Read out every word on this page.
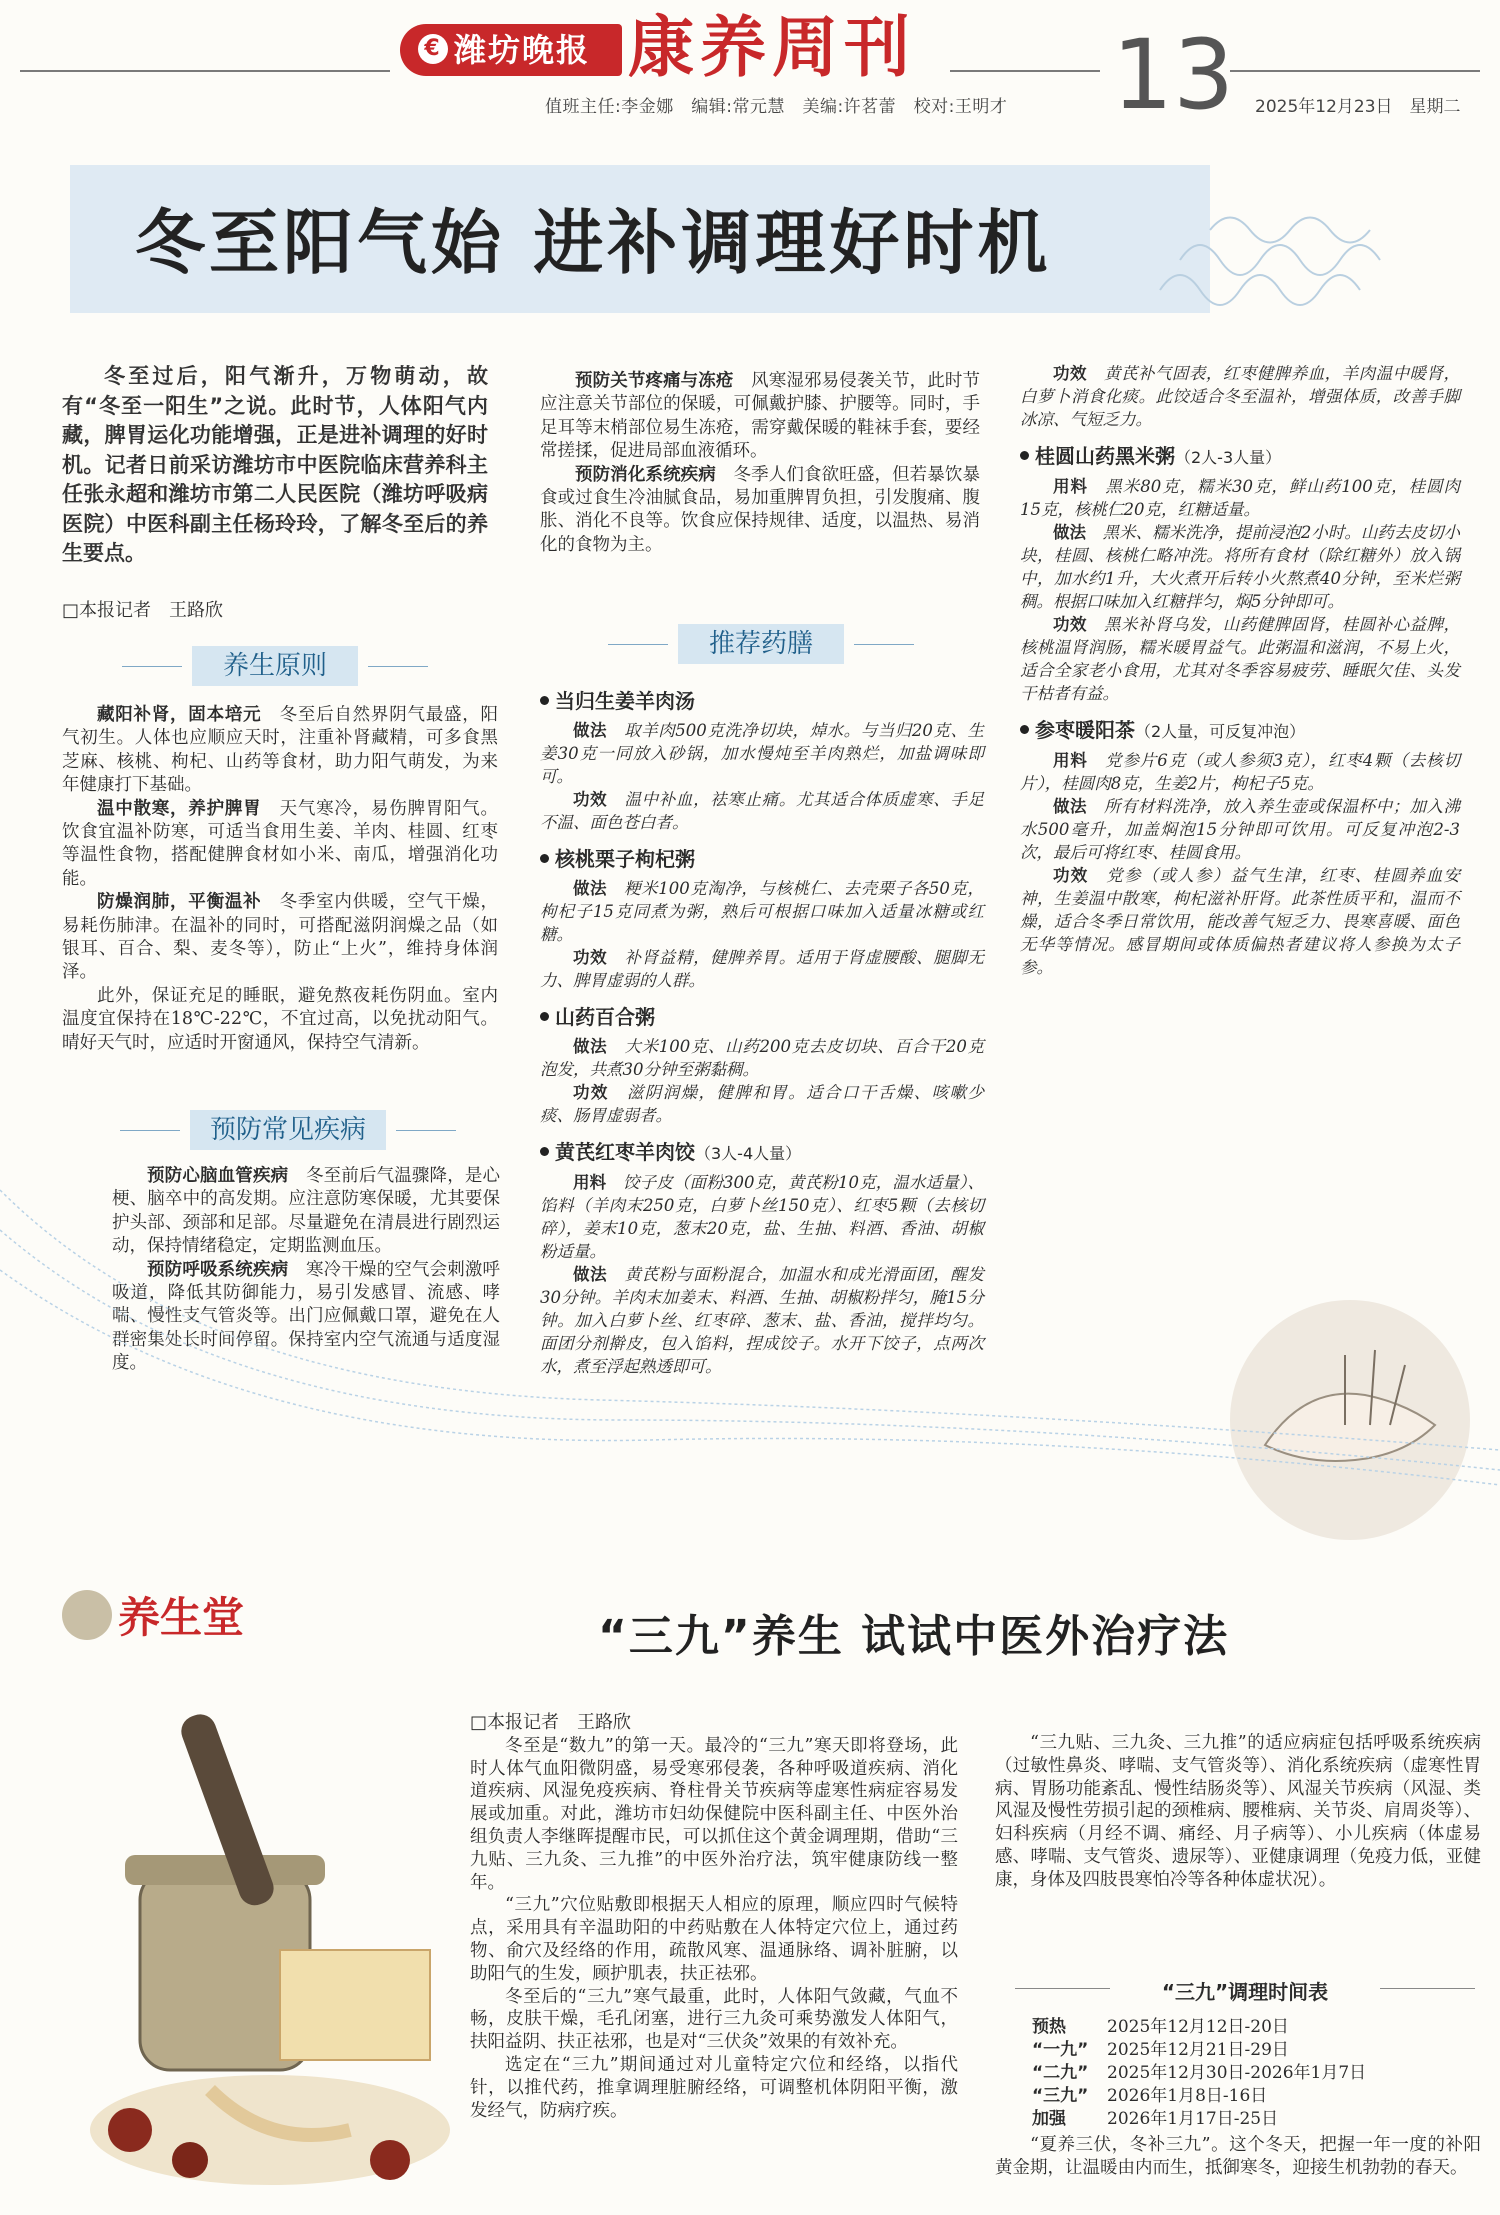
€ 潍坊晚报 康养周刊
值班主任:李金娜　编辑:常元慧　美编:许茗蕾　校对:王明才 13 2025年12月23日　星期二
冬至阳气始 进补调理好时机

冬至过后，阳气渐升，万物萌动，故有“冬至一阳生”之说。此时节，人体阳气内藏，脾胃运化功能增强，正是进补调理的好时机。记者日前采访潍坊市中医院临床营养科主任张永超和潍坊市第二人民医院（潍坊呼吸病医院）中医科副主任杨玲玲，了解冬至后的养生要点。

□本报记者　王路欣

养生原则

藏阳补肾，固本培元　 冬至后自然界阴气最盛，阳气初生。人体也应顺应天时，注重补肾藏精，可多食黑芝麻、核桃、枸杞、山药等食材，助力阳气萌发，为来年健康打下基础。

温中散寒，养护脾胃　 天气寒冷，易伤脾胃阳气。饮食宜温补防寒，可适当食用生姜、羊肉、桂圆、红枣等温性食物，搭配健脾食材如小米、南瓜，增强消化功能。

防燥润肺，平衡温补　 冬季室内供暖，空气干燥，易耗伤肺津。在温补的同时，可搭配滋阴润燥之品（如银耳、百合、梨、麦冬等），防止“上火”，维持身体润泽。

此外，保证充足的睡眠，避免熬夜耗伤阴血。室内温度宜保持在18℃-22℃，不宜过高，以免扰动阳气。晴好天气时，应适时开窗通风，保持空气清新。

预防常见疾病

预防心脑血管疾病　 冬至前后气温骤降，是心梗、脑卒中的高发期。应注意防寒保暖，尤其要保护头部、颈部和足部。尽量避免在清晨进行剧烈运动，保持情绪稳定，定期监测血压。

预防呼吸系统疾病　 寒冷干燥的空气会刺激呼吸道，降低其防御能力，易引发感冒、流感、哮喘、慢性支气管炎等。出门应佩戴口罩，避免在人群密集处长时间停留。保持室内空气流通与适度湿度。

预防关节疼痛与冻疮　 风寒湿邪易侵袭关节，此时节应注意关节部位的保暖，可佩戴护膝、护腰等。同时，手足耳等末梢部位易生冻疮，需穿戴保暖的鞋袜手套，要经常搓揉，促进局部血液循环。

预防消化系统疾病　 冬季人们食欲旺盛，但若暴饮暴食或过食生冷油腻食品，易加重脾胃负担，引发腹痛、腹胀、消化不良等。饮食应保持规律、适度，以温热、易消化的食物为主。

推荐药膳
当归生姜羊肉汤

做法　 取羊肉500克洗净切块，焯水。与当归20克、生姜30克一同放入砂锅，加水慢炖至羊肉熟烂，加盐调味即可。

功效　 温中补血，祛寒止痛。尤其适合体质虚寒、手足不温、面色苍白者。

核桃栗子枸杞粥

做法　 粳米100克淘净，与核桃仁、去壳栗子各50克，枸杞子15克同煮为粥，熟后可根据口味加入适量冰糖或红糖。

功效　 补肾益精，健脾养胃。适用于肾虚腰酸、腿脚无力、脾胃虚弱的人群。

山药百合粥

做法　 大米100克、山药200克去皮切块、百合干20克泡发，共煮30分钟至粥黏稠。

功效　 滋阴润燥，健脾和胃。适合口干舌燥、咳嗽少痰、肠胃虚弱者。

黄芪红枣羊肉饺（3人-4人量）

用料　 饺子皮（面粉300克，黄芪粉10克，温水适量）、馅料（羊肉末250克，白萝卜丝150克）、红枣5颗（去核切碎），姜末10克，葱末20克，盐、生抽、料酒、香油、胡椒粉适量。

做法　 黄芪粉与面粉混合，加温水和成光滑面团，醒发30分钟。羊肉末加姜末、料酒、生抽、胡椒粉拌匀，腌15分钟。加入白萝卜丝、红枣碎、葱末、盐、香油，搅拌均匀。面团分剂擀皮，包入馅料，捏成饺子。水开下饺子，点两次水，煮至浮起熟透即可。

功效　 黄芪补气固表，红枣健脾养血，羊肉温中暖肾，白萝卜消食化痰。此饺适合冬至温补，增强体质，改善手脚冰凉、气短乏力。

桂圆山药黑米粥（2人-3人量）

用料　 黑米80克，糯米30克，鲜山药100克，桂圆肉15克，核桃仁20克，红糖适量。

做法　 黑米、糯米洗净，提前浸泡2小时。山药去皮切小块，桂圆、核桃仁略冲洗。将所有食材（除红糖外）放入锅中，加水约1升，大火煮开后转小火熬煮40分钟，至米烂粥稠。根据口味加入红糖拌匀，焖5分钟即可。

功效　 黑米补肾乌发，山药健脾固肾，桂圆补心益脾，核桃温肾润肠，糯米暖胃益气。此粥温和滋润，不易上火，适合全家老小食用，尤其对冬季容易疲劳、睡眠欠佳、头发干枯者有益。

参枣暖阳茶（2人量，可反复冲泡）

用料　 党参片6克（或人参须3克），红枣4颗（去核切片），桂圆肉8克，生姜2片，枸杞子5克。

做法　 所有材料洗净，放入养生壶或保温杯中；加入沸水500毫升，加盖焖泡15分钟即可饮用。可反复冲泡2-3次，最后可将红枣、桂圆食用。

功效　 党参（或人参）益气生津，红枣、桂圆养血安神，生姜温中散寒，枸杞滋补肝肾。此茶性质平和，温而不燥，适合冬季日常饮用，能改善气短乏力、畏寒喜暖、面色无华等情况。感冒期间或体质偏热者建议将人参换为太子参。

养生堂	“三九”养生 试试中医外治疗法

□本报记者　王路欣

冬至是“数九”的第一天。最冷的“三九”寒天即将登场，此时人体气血阳微阴盛，易受寒邪侵袭，各种呼吸道疾病、消化道疾病、风湿免疫疾病、脊柱骨关节疾病等虚寒性病症容易发展或加重。对此，潍坊市妇幼保健院中医科副主任、中医外治组负责人李继晖提醒市民，可以抓住这个黄金调理期，借助“三九贴、三九灸、三九推”的中医外治疗法，筑牢健康防线一整年。

“三九”穴位贴敷即根据天人相应的原理，顺应四时气候特点，采用具有辛温助阳的中药贴敷在人体特定穴位上，通过药物、俞穴及经络的作用，疏散风寒、温通脉络、调补脏腑，以助阳气的生发，顾护肌表，扶正祛邪。

冬至后的“三九”寒气最重，此时，人体阳气敛藏，气血不畅，皮肤干燥，毛孔闭塞，进行三九灸可乘势激发人体阳气，扶阳益阴、扶正祛邪，也是对“三伏灸”效果的有效补充。

选定在“三九”期间通过对儿童特定穴位和经络，以指代针，以推代药，推拿调理脏腑经络，可调整机体阴阳平衡，激发经气，防病疗疾。

“三九贴、三九灸、三九推”的适应病症包括呼吸系统疾病（过敏性鼻炎、哮喘、支气管炎等）、消化系统疾病（虚寒性胃病、胃肠功能紊乱、慢性结肠炎等）、风湿关节疾病（风湿、类风湿及慢性劳损引起的颈椎病、腰椎病、关节炎、肩周炎等）、妇科疾病（月经不调、痛经、月子病等）、小儿疾病（体虚易感、哮喘、支气管炎、遗尿等）、亚健康调理（免疫力低，亚健康，身体及四肢畏寒怕冷等各种体虚状况）。

“三九”调理时间表
预热 2025年12月12日-20日
“一九” 2025年12月21日-29日
“二九” 2025年12月30日-2026年1月7日
“三九” 2026年1月8日-16日
加强 2026年1月17日-25日

“夏养三伏，冬补三九”。这个冬天，把握一年一度的补阳黄金期，让温暖由内而生，抵御寒冬，迎接生机勃勃的春天。
